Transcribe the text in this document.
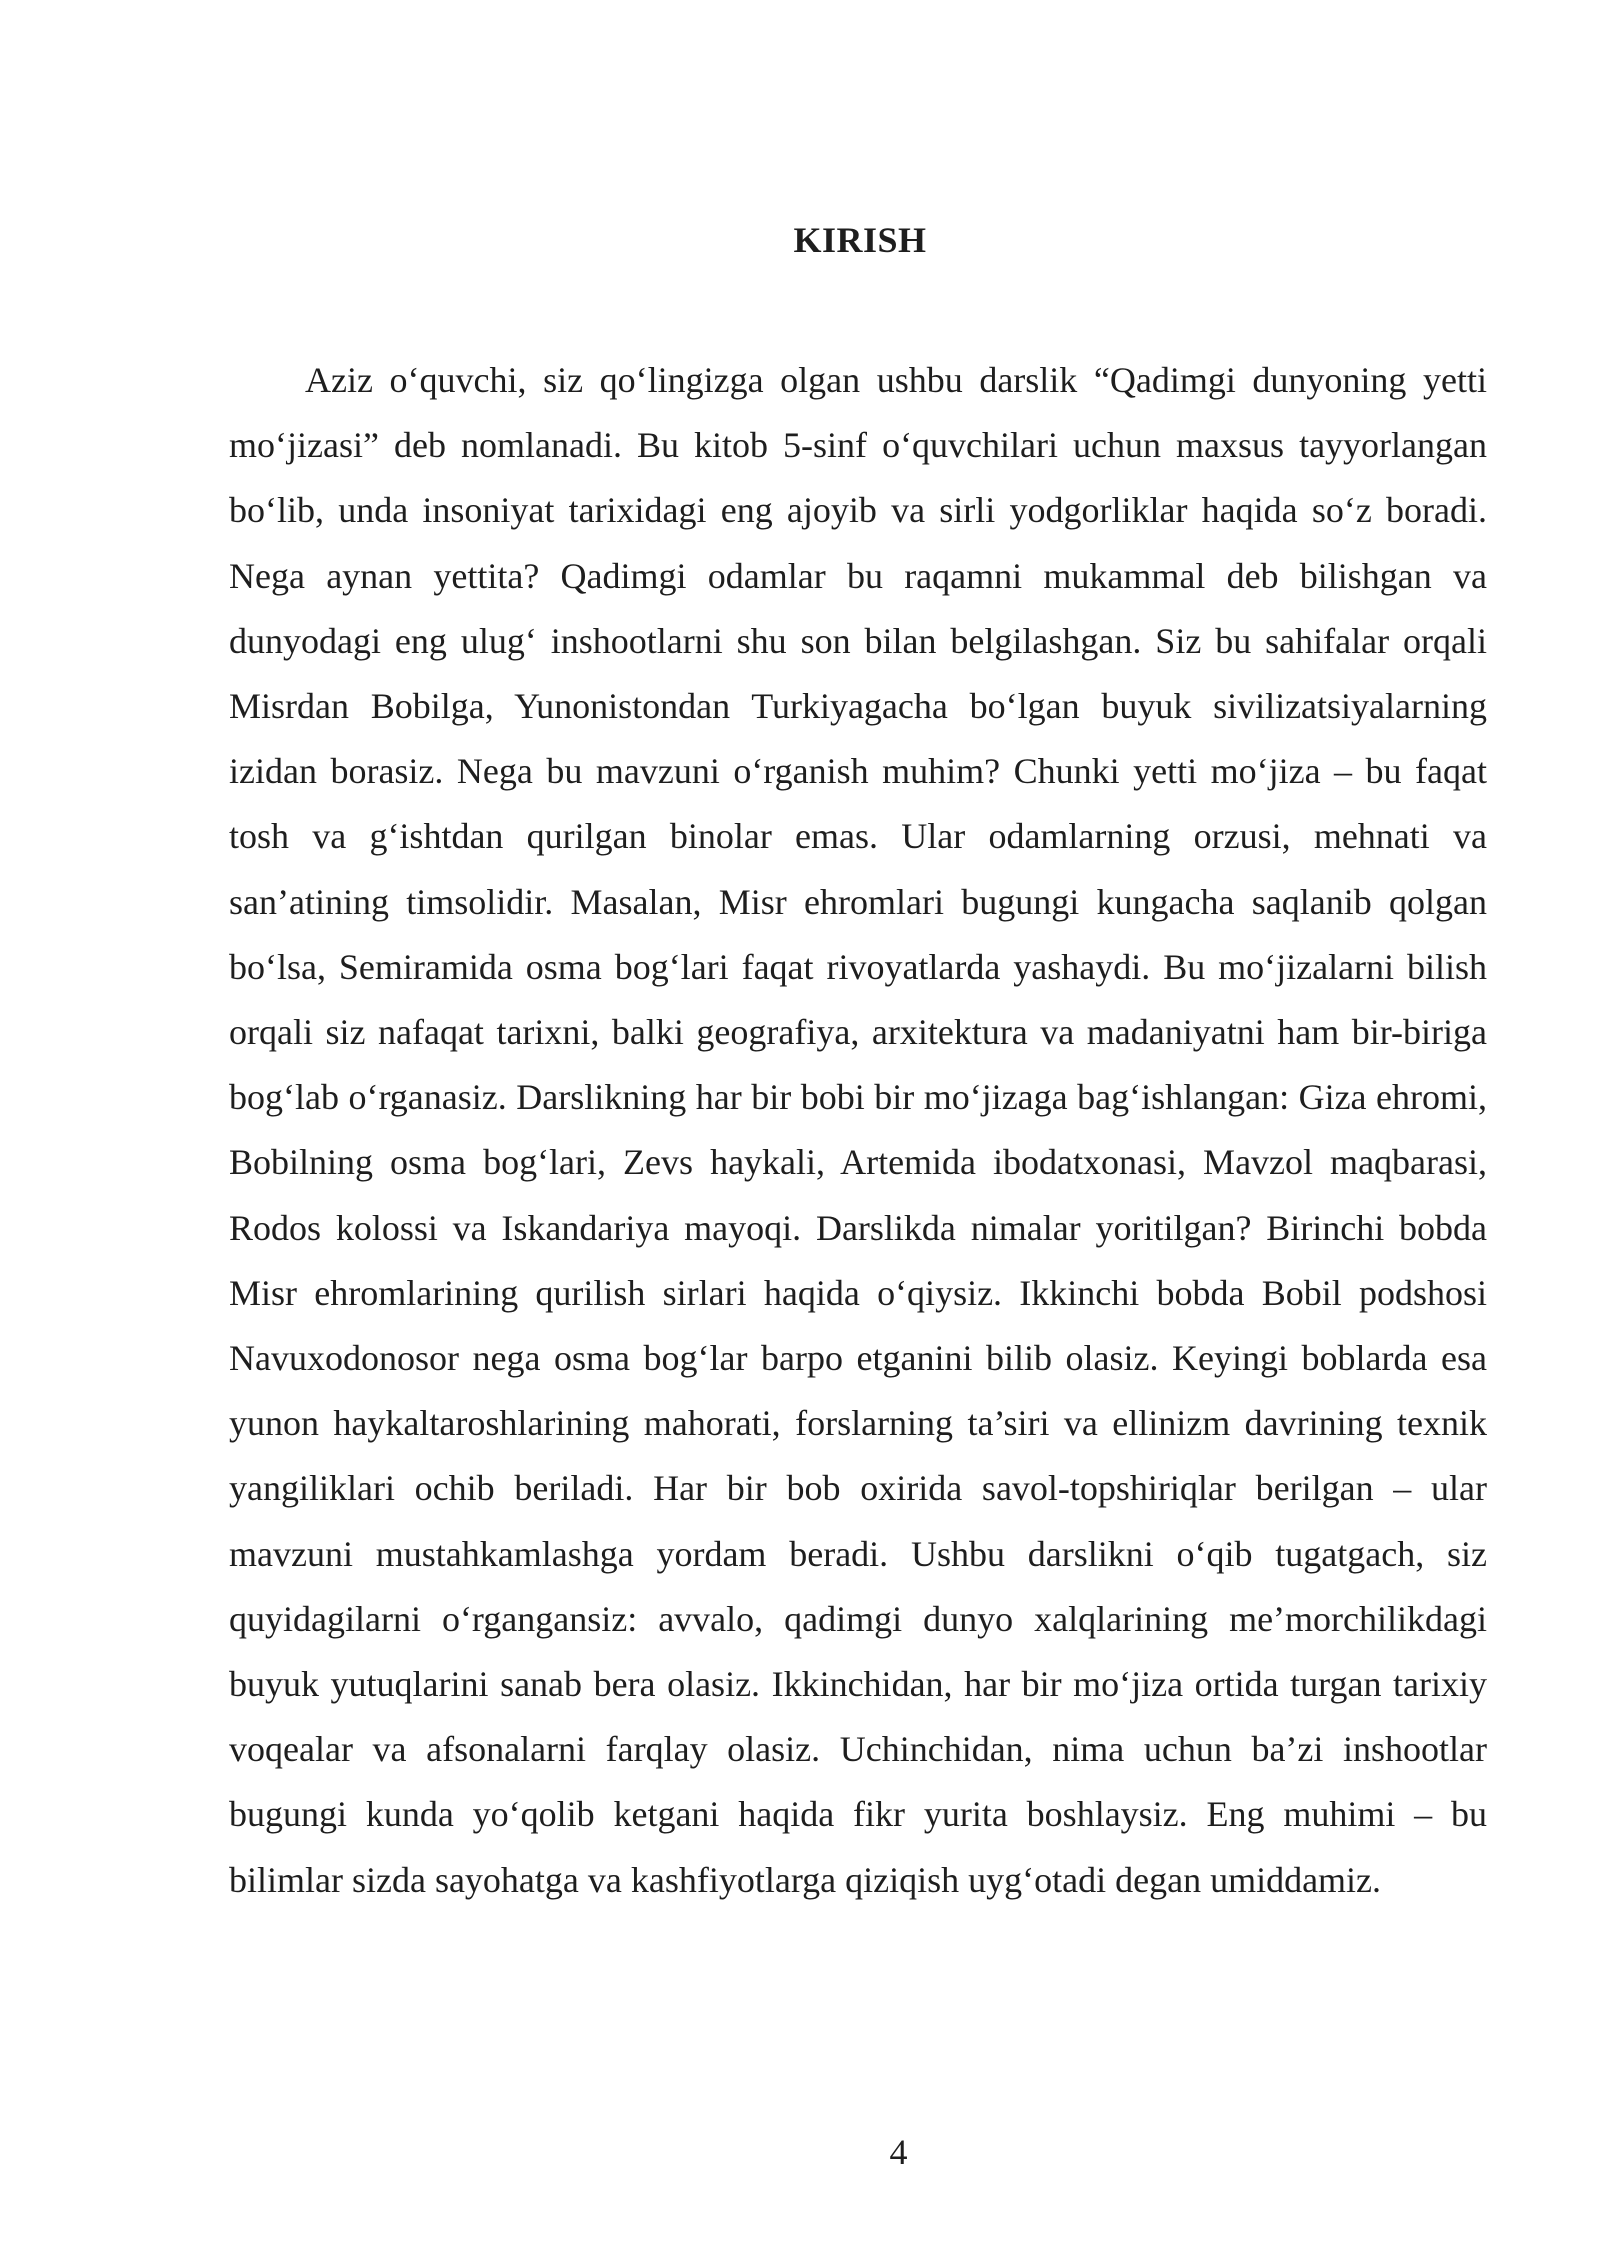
KIRISH

Aziz o‘quvchi, siz qo‘lingizga olgan ushbu darslik “Qadimgi dunyoning yetti mo‘jizasi” deb nomlanadi. Bu kitob 5-sinf o‘quvchilari uchun maxsus tayyorlangan bo‘lib, unda insoniyat tarixidagi eng ajoyib va sirli yodgorliklar haqida so‘z boradi. Nega aynan yettita? Qadimgi odamlar bu raqamni mukammal deb bilishgan va dunyodagi eng ulug‘ inshootlarni shu son bilan belgilashgan. Siz bu sahifalar orqali Misrdan Bobilga, Yunonistondan Turkiyagacha bo‘lgan buyuk sivilizatsiyalarning izidan borasiz. Nega bu mavzuni o‘rganish muhim? Chunki yetti mo‘jiza – bu faqat tosh va g‘ishtdan qurilgan binolar emas. Ular odamlarning orzusi, mehnati va san’atining timsolidir. Masalan, Misr ehromlari bugungi kungacha saqlanib qolgan bo‘lsa, Semiramida osma bog‘lari faqat rivoyatlarda yashaydi. Bu mo‘jizalarni bilish orqali siz nafaqat tarixni, balki geografiya, arxitektura va madaniyatni ham bir-biriga bog‘lab o‘rganasiz. Darslikning har bir bobi bir mo‘jizaga bag‘ishlangan: Giza ehromi, Bobilning osma bog‘lari, Zevs haykali, Artemida ibodatxonasi, Mavzol maqbarasi, Rodos kolossi va Iskandariya mayoqi. Darslikda nimalar yoritilgan? Birinchi bobda Misr ehromlarining qurilish sirlari haqida o‘qiysiz. Ikkinchi bobda Bobil podshosi Navuxodonosor nega osma bog‘lar barpo etganini bilib olasiz. Keyingi boblarda esa yunon haykaltaroshlarining mahorati, forslarning ta’siri va ellinizm davrining texnik yangiliklari ochib beriladi. Har bir bob oxirida savol-topshiriqlar berilgan – ular mavzuni mustahkamlashga yordam beradi. Ushbu darslikni o‘qib tugatgach, siz quyidagilarni o‘rgangansiz: avvalo, qadimgi dunyo xalqlarining me’morchilikdagi buyuk yutuqlarini sanab bera olasiz. Ikkinchidan, har bir mo‘jiza ortida turgan tarixiy voqealar va afsonalarni farqlay olasiz. Uchinchidan, nima uchun ba’zi inshootlar bugungi kunda yo‘qolib ketgani haqida fikr yurita boshlaysiz. Eng muhimi – bu bilimlar sizda sayohatga va kashfiyotlarga qiziqish uyg‘otadi degan umiddamiz.

4
